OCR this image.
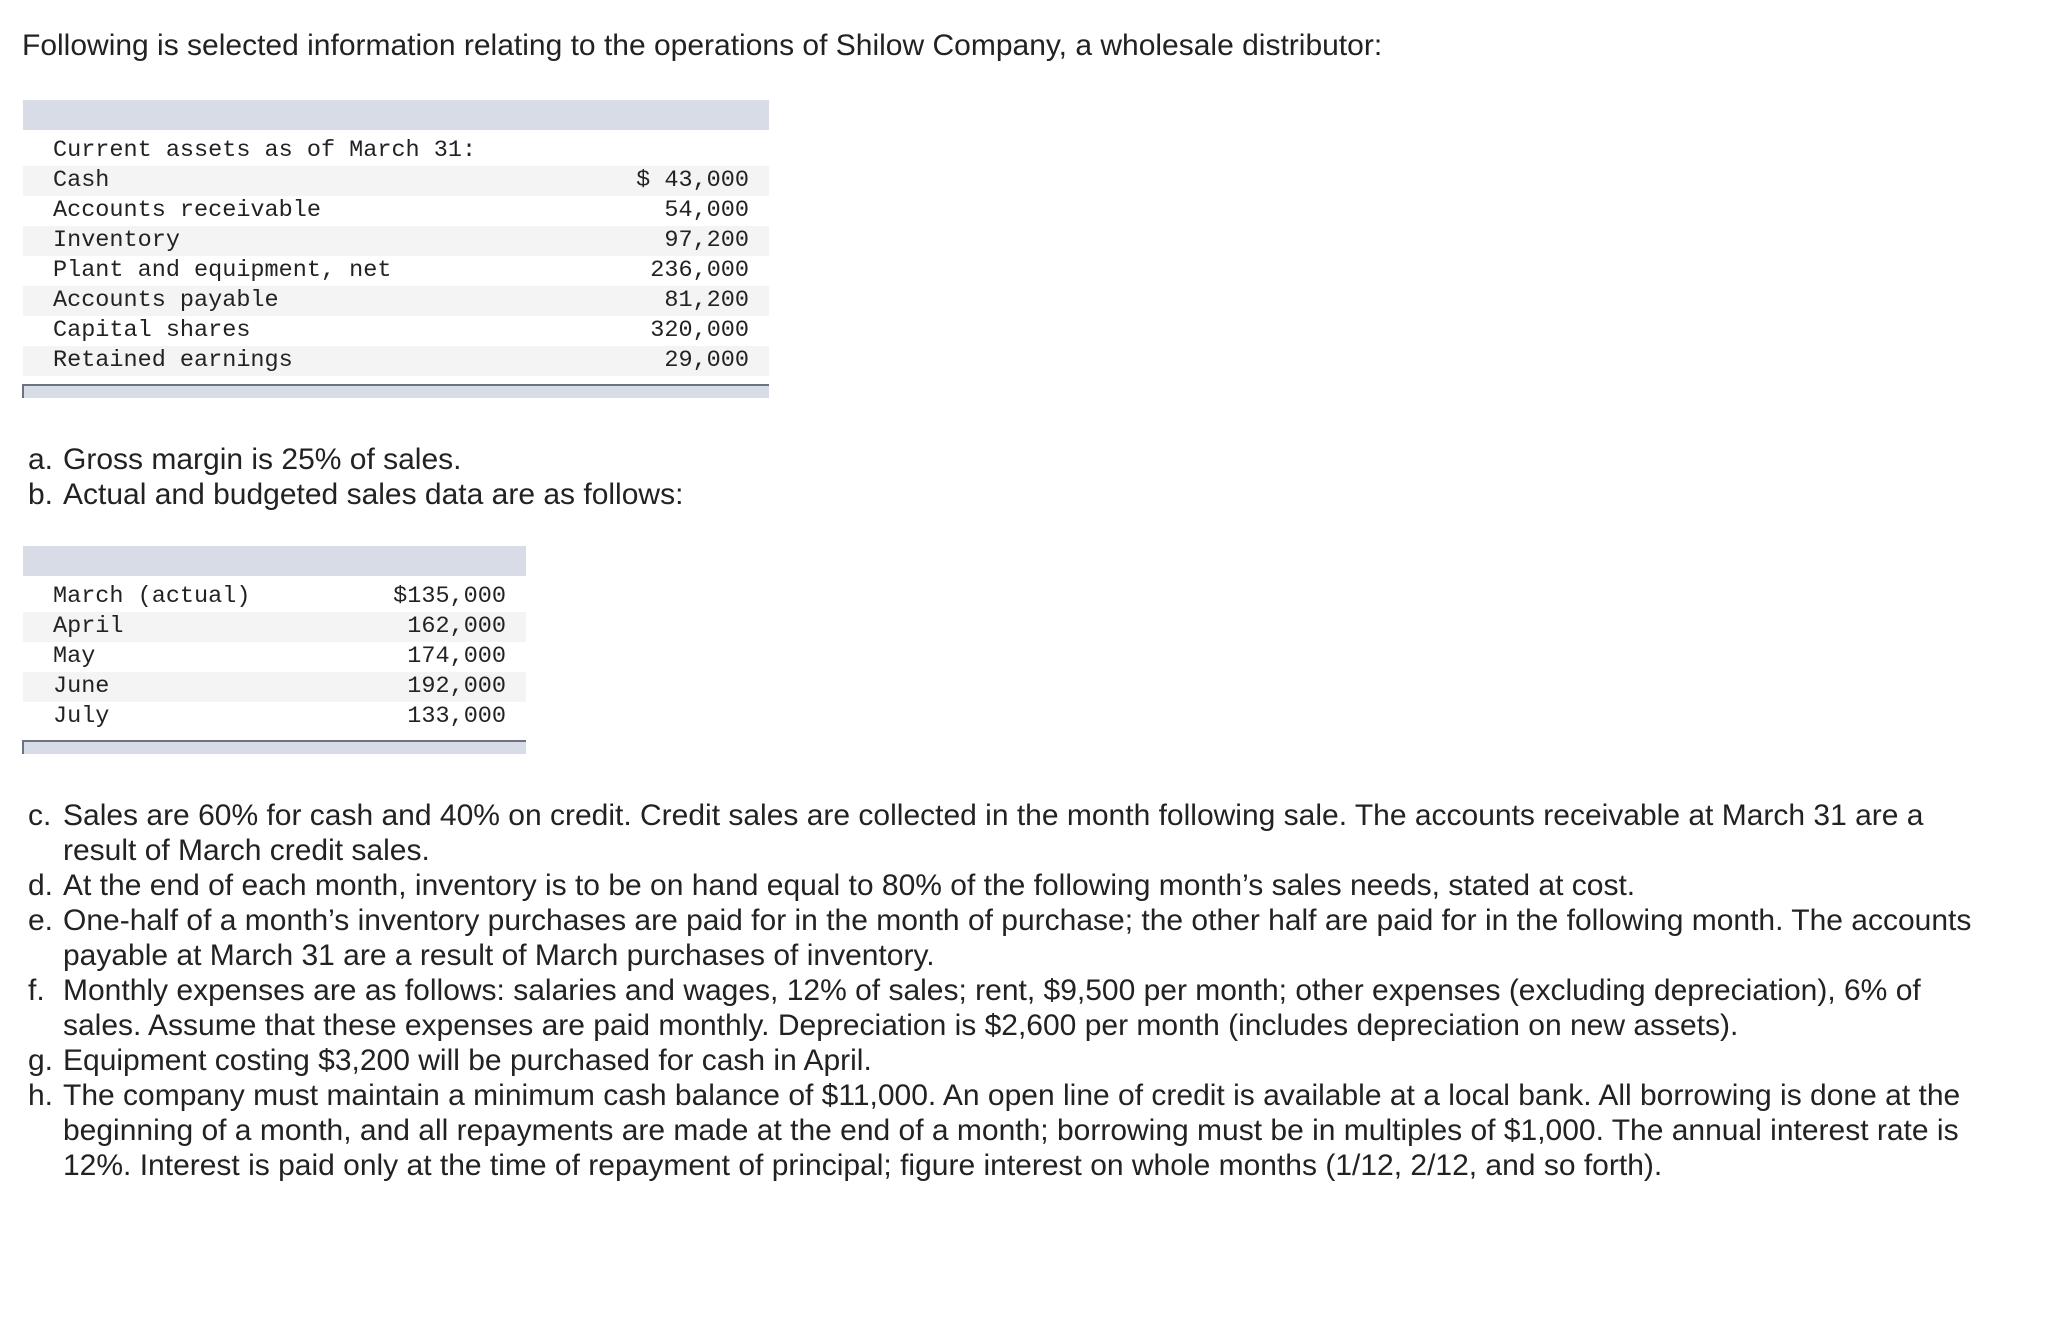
Following is selected information relating to the operations of Shilow Company, a wholesale distributor:

Current assets as of March 31:	
Cash	$ 43,000
Accounts receivable	54,000
Inventory	97,200
Plant and equipment, net	236,000
Accounts payable	81,200
Capital shares	320,000
Retained earnings	29,000

a. Gross margin is 25% of sales.
b. Actual and budgeted sales data are as follows:

March (actual)	$135,000
April	162,000
May	174,000
June	192,000
July	133,000

c. Sales are 60% for cash and 40% on credit. Credit sales are collected in the month following sale. The accounts receivable at March 31 are a result of March credit sales.
d. At the end of each month, inventory is to be on hand equal to 80% of the following month’s sales needs, stated at cost.
e. One-half of a month’s inventory purchases are paid for in the month of purchase; the other half are paid for in the following month. The accounts payable at March 31 are a result of March purchases of inventory.
f. Monthly expenses are as follows: salaries and wages, 12% of sales; rent, $9,500 per month; other expenses (excluding depreciation), 6% of sales. Assume that these expenses are paid monthly. Depreciation is $2,600 per month (includes depreciation on new assets).
g. Equipment costing $3,200 will be purchased for cash in April.
h. The company must maintain a minimum cash balance of $11,000. An open line of credit is available at a local bank. All borrowing is done at the beginning of a month, and all repayments are made at the end of a month; borrowing must be in multiples of $1,000. The annual interest rate is 12%. Interest is paid only at the time of repayment of principal; figure interest on whole months (1/12, 2/12, and so forth).
